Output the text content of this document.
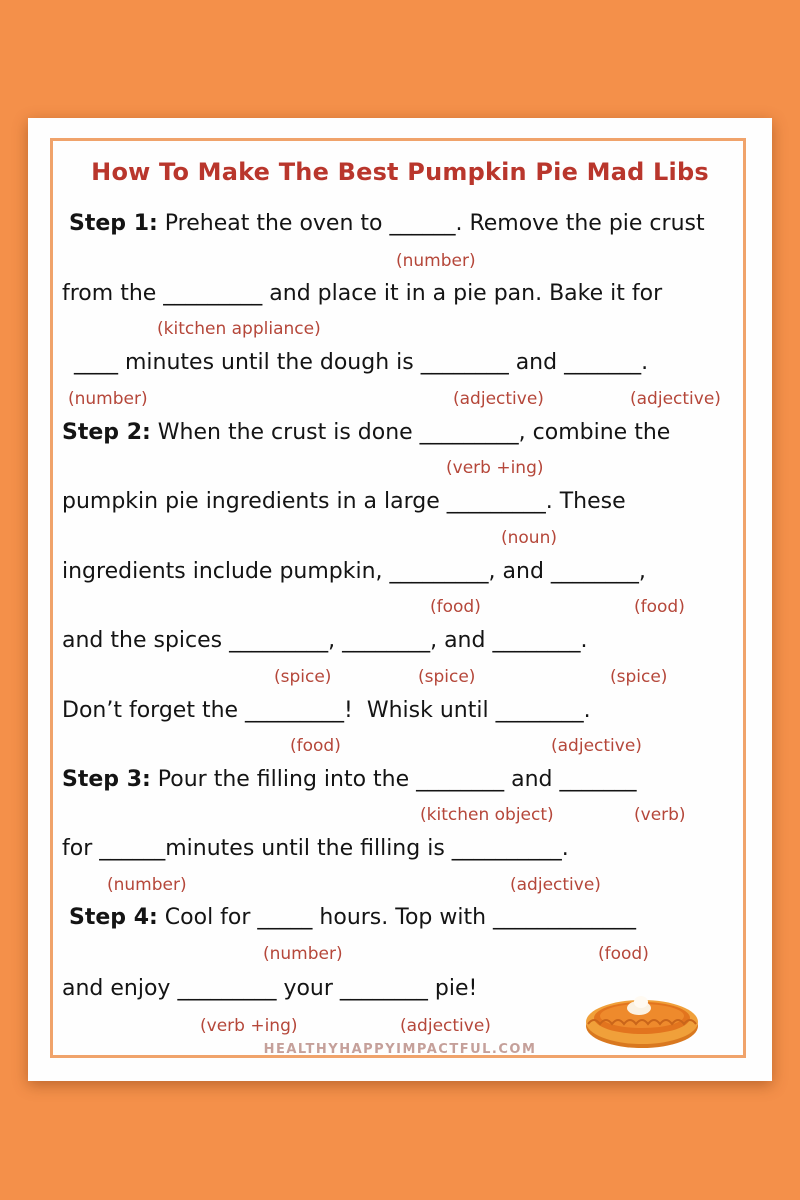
How To Make The Best Pumpkin Pie Mad Libs
Step 1: Preheat the oven to ______. Remove the pie crust
from the _________ and place it in a pie pan. Bake it for
____ minutes until the dough is ________ and _______.
Step 2: When the crust is done _________, combine the
pumpkin pie ingredients in a large _________. These
ingredients include pumpkin, _________, and ________,
and the spices _________, ________, and ________.
Don’t forget the _________!  Whisk until ________.
Step 3: Pour the filling into the ________ and _______
for ______minutes until the filling is __________.
Step 4: Cool for _____ hours. Top with _____________
and enjoy _________ your ________ pie!
(number)
(kitchen appliance)
(number)	(adjective)	(adjective)
(verb +ing)
(noun)
(food)	(food)
(spice)	(spice)	(spice)
(food)	(adjective)
(kitchen object)	(verb)
(number)	(adjective)
(number)	(food)
(verb +ing)	(adjective)
HEALTHYHAPPYIMPACTFUL.COM
